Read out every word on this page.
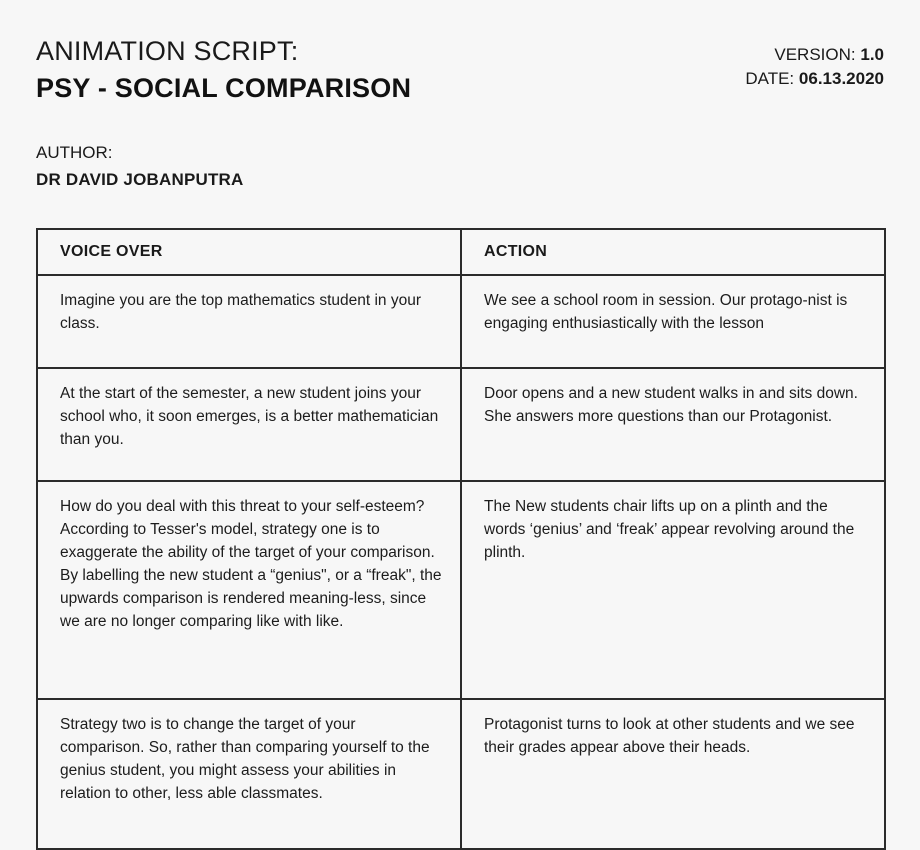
ANIMATION SCRIPT:
PSY - SOCIAL COMPARISON
VERSION: 1.0
DATE: 06.13.2020
AUTHOR:
DR DAVID JOBANPUTRA
VOICE OVER	ACTION
Imagine you are the top mathematics student in your class.	We see a school room in session. Our protago-nist is engaging enthusiastically with the lesson
At the start of the semester, a new student joins your school who, it soon emerges, is a better mathematician than you.	Door opens and a new student walks in and sits down. She answers more questions than our Protagonist.
How do you deal with this threat to your self-esteem? According to Tesser's model, strategy one is to exaggerate the ability of the target of your comparison. By labelling the new student a “genius", or a “freak", the upwards comparison is rendered meaning-less, since we are no longer comparing like with like.	The New students chair lifts up on a plinth and the words ‘genius’ and ‘freak’ appear revolving around the plinth.
Strategy two is to change the target of your comparison. So, rather than comparing yourself to the genius student, you might assess your abilities in relation to other, less able classmates.	Protagonist turns to look at other students and we see their grades appear above their heads.
